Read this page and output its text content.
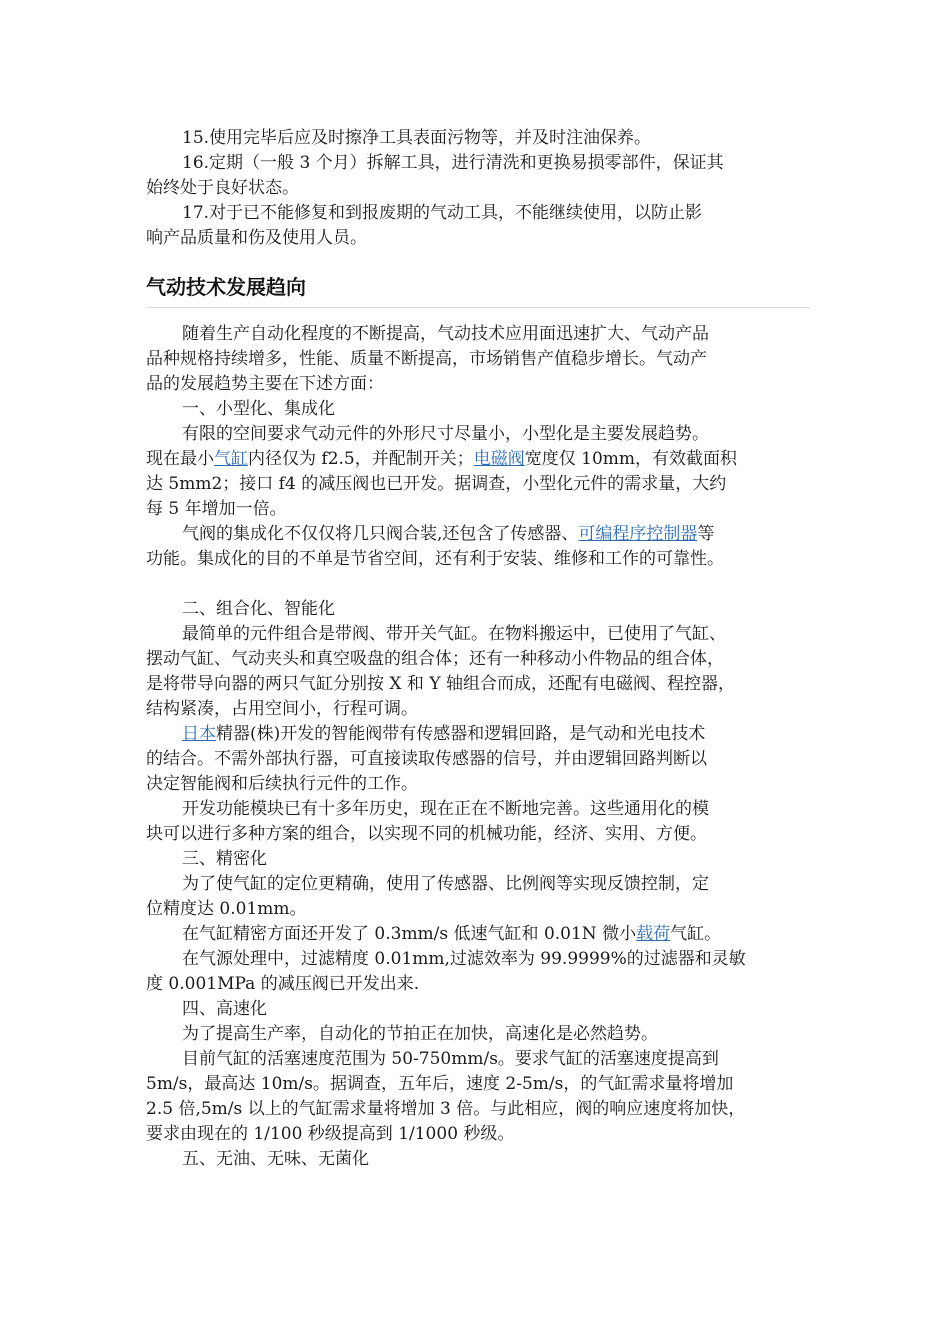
15.使用完毕后应及时擦净工具表面污物等，并及时注油保养。
16.定期（一般 3 个月）拆解工具，进行清洗和更换易损零部件，保证其
始终处于良好状态。
17.对于已不能修复和到报废期的气动工具，不能继续使用，以防止影
响产品质量和伤及使用人员。
气动技术发展趋向
随着生产自动化程度的不断提高，气动技术应用面迅速扩大、气动产品
品种规格持续增多，性能、质量不断提高，市场销售产值稳步增长。气动产
品的发展趋势主要在下述方面：
一、小型化、集成化
有限的空间要求气动元件的外形尺寸尽量小，小型化是主要发展趋势。
现在最小气缸内径仅为 f2.5，并配制开关；电磁阀宽度仅 10mm，有效截面积
达 5mm2；接口 f4 的减压阀也已开发。据调查，小型化元件的需求量，大约
每 5 年增加一倍。
气阀的集成化不仅仅将几只阀合装,还包含了传感器、可编程序控制器等
功能。集成化的目的不单是节省空间，还有利于安装、维修和工作的可靠性。
二、组合化、智能化
最简单的元件组合是带阀、带开关气缸。在物料搬运中，已使用了气缸、
摆动气缸、气动夹头和真空吸盘的组合体；还有一种移动小件物品的组合体，
是将带导向器的两只气缸分别按 X 和 Y 轴组合而成，还配有电磁阀、程控器，
结构紧凑，占用空间小，行程可调。
日本精器(株)开发的智能阀带有传感器和逻辑回路，是气动和光电技术
的结合。不需外部执行器，可直接读取传感器的信号，并由逻辑回路判断以
决定智能阀和后续执行元件的工作。
开发功能模块已有十多年历史，现在正在不断地完善。这些通用化的模
块可以进行多种方案的组合，以实现不同的机械功能，经济、实用、方便。
三、精密化
为了使气缸的定位更精确，使用了传感器、比例阀等实现反馈控制，定
位精度达 0.01mm。
在气缸精密方面还开发了 0.3mm/s 低速气缸和 0.01N 微小载荷气缸。
在气源处理中，过滤精度 0.01mm,过滤效率为 99.9999%的过滤器和灵敏
度 0.001MPa 的减压阀已开发出来.
四、高速化
为了提高生产率，自动化的节拍正在加快，高速化是必然趋势。
目前气缸的活塞速度范围为 50-750mm/s。要求气缸的活塞速度提高到
5m/s，最高达 10m/s。据调查，五年后，速度 2-5m/s，的气缸需求量将增加
2.5 倍,5m/s 以上的气缸需求量将增加 3 倍。与此相应，阀的响应速度将加快，
要求由现在的 1/100 秒级提高到 1/1000 秒级。
五、无油、无味、无菌化
